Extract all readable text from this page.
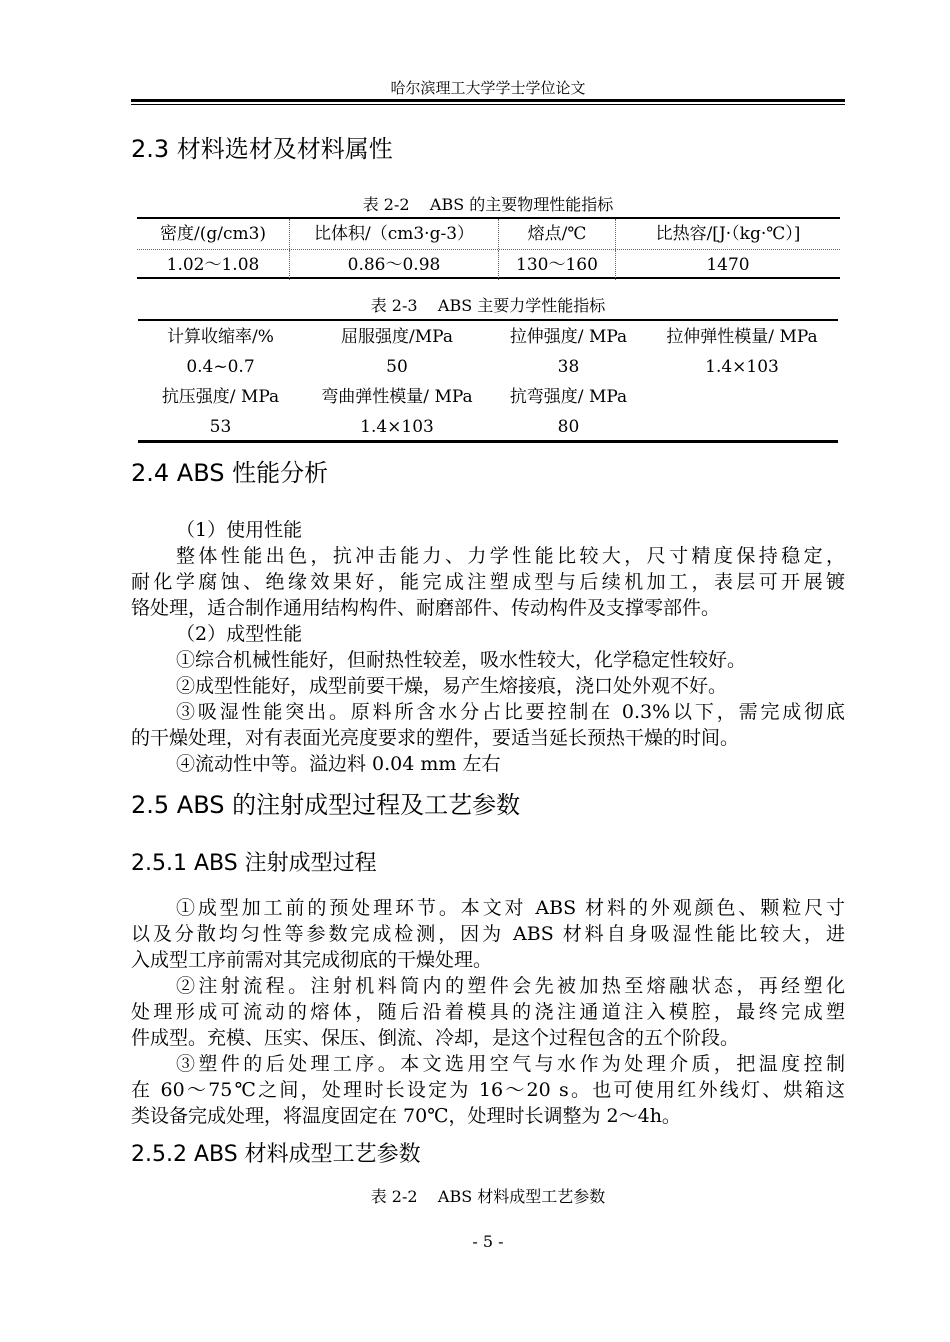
哈尔滨理工大学学士学位论文
2.3 材料选材及材料属性
表 2-2    ABS 的主要物理性能指标
密度/(g/cm3)	比体积/（cm3·g-3）	熔点/℃	比热容/[J·（kg·℃）]
1.02～1.08	0.86～0.98	130～160	1470
表 2-3    ABS 主要力学性能指标
计算收缩率/%	屈服强度/MPa	拉伸强度/ MPa	拉伸弹性模量/ MPa
0.4~0.7	50	38	1.4×103
抗压强度/ MPa	弯曲弹性模量/ MPa	抗弯强度/ MPa
53	1.4×103	80
2.4 ABS 性能分析
（1）使用性能
整体性能出色，抗冲击能力、力学性能比较大，尺寸精度保持稳定，
耐化学腐蚀、绝缘效果好，能完成注塑成型与后续机加工，表层可开展镀
铬处理，适合制作通用结构构件、耐磨部件、传动构件及支撑零部件。
（2）成型性能
①综合机械性能好，但耐热性较差，吸水性较大，化学稳定性较好。
②成型性能好，成型前要干燥，易产生熔接痕，浇口处外观不好。
③吸湿性能突出。原料所含水分占比要控制在 0.3%以下，需完成彻底
的干燥处理，对有表面光亮度要求的塑件，要适当延长预热干燥的时间。
④流动性中等。溢边料 0.04 mm 左右
2.5 ABS 的注射成型过程及工艺参数
2.5.1 ABS 注射成型过程
①成型加工前的预处理环节。本文对 ABS 材料的外观颜色、颗粒尺寸
以及分散均匀性等参数完成检测，因为 ABS 材料自身吸湿性能比较大，进
入成型工序前需对其完成彻底的干燥处理。
②注射流程。注射机料筒内的塑件会先被加热至熔融状态，再经塑化
处理形成可流动的熔体，随后沿着模具的浇注通道注入模腔，最终完成塑
件成型。充模、压实、保压、倒流、冷却，是这个过程包含的五个阶段。
③塑件的后处理工序。本文选用空气与水作为处理介质，把温度控制
在 60～75℃之间，处理时长设定为 16～20 s。也可使用红外线灯、烘箱这
类设备完成处理，将温度固定在 70℃，处理时长调整为 2～4h。
2.5.2 ABS 材料成型工艺参数
表 2-2    ABS 材料成型工艺参数
- 5 -
